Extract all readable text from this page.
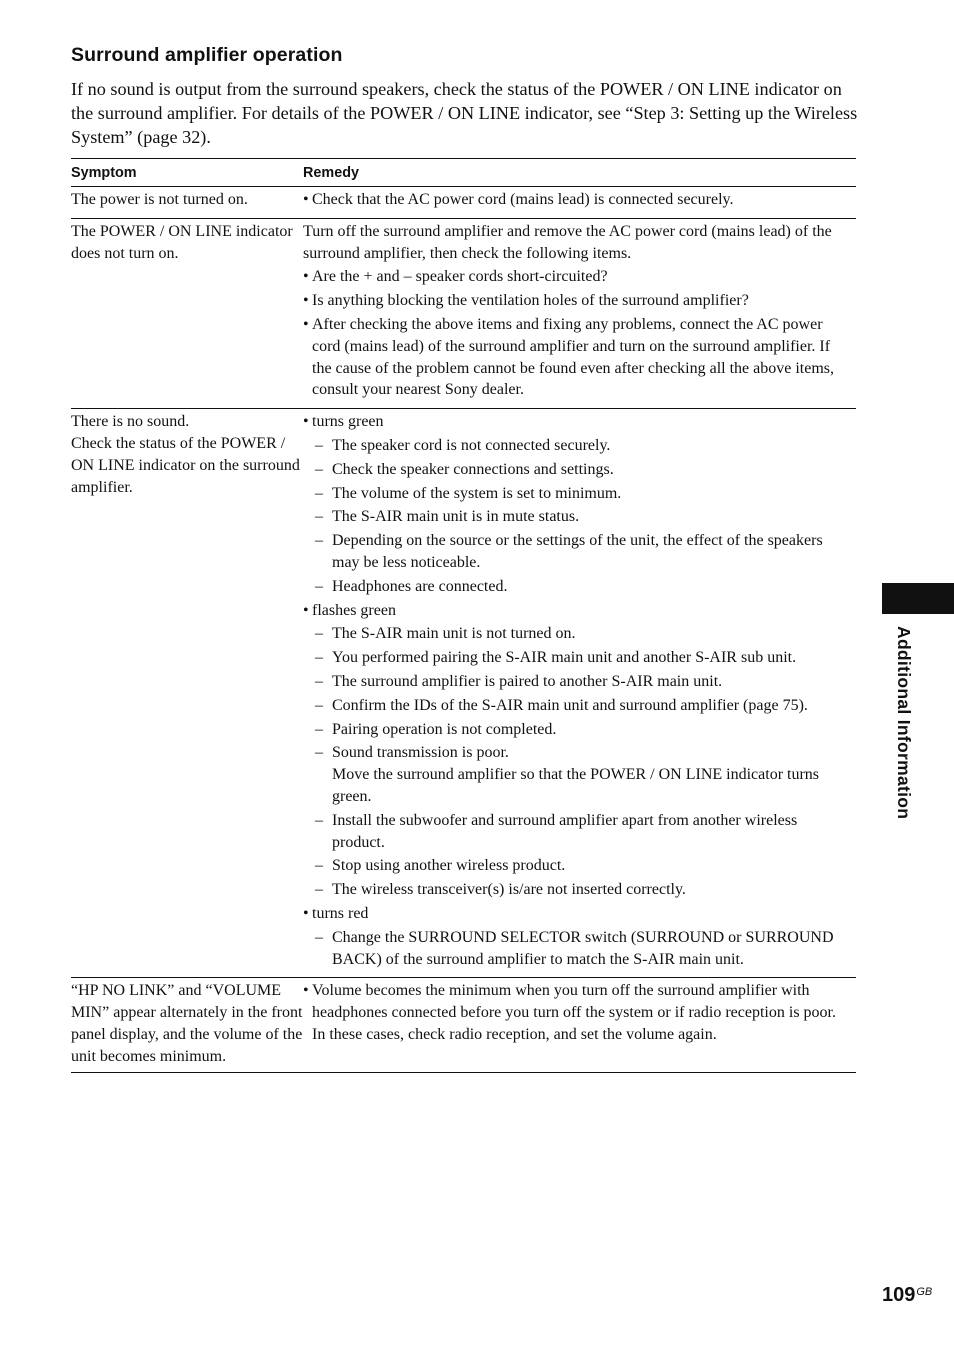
Surround amplifier operation
If no sound is output from the surround speakers, check the status of the POWER / ON LINE indicator on the surround amplifier. For details of the POWER / ON LINE indicator, see “Step 3: Setting up the Wireless System” (page 32).
Symptom	Remedy
The power is not turned on.
•	Check that the AC power cord (mains lead) is connected securely.
The POWER / ON LINE indicator does not turn on.
Turn off the surround amplifier and remove the AC power cord (mains lead) of the surround amplifier, then check the following items.
• Are the + and – speaker cords short-circuited?
• Is anything blocking the ventilation holes of the surround amplifier?
• After checking the above items and fixing any problems, connect the AC power cord (mains lead) of the surround amplifier and turn on the surround amplifier. If the cause of the problem cannot be found even after checking all the above items, consult your nearest Sony dealer.
There is no sound.
Check the status of the POWER / ON LINE indicator on the surround amplifier.
• turns green
– The speaker cord is not connected securely.
– Check the speaker connections and settings.
– The volume of the system is set to minimum.
– The S-AIR main unit is in mute status.
– Depending on the source or the settings of the unit, the effect of the speakers may be less noticeable.
– Headphones are connected.
• flashes green
– The S-AIR main unit is not turned on.
– You performed pairing the S-AIR main unit and another S-AIR sub unit.
– The surround amplifier is paired to another S-AIR main unit.
– Confirm the IDs of the S-AIR main unit and surround amplifier (page 75).
– Pairing operation is not completed.
– Sound transmission is poor.
Move the surround amplifier so that the POWER / ON LINE indicator turns green.
– Install the subwoofer and surround amplifier apart from another wireless product.
– Stop using another wireless product.
– The wireless transceiver(s) is/are not inserted correctly.
• turns red
– Change the SURROUND SELECTOR switch (SURROUND or SURROUND BACK) of the surround amplifier to match the S-AIR main unit.
“HP NO LINK” and “VOLUME MIN” appear alternately in the front panel display, and the volume of the unit becomes minimum.
• Volume becomes the minimum when you turn off the surround amplifier with headphones connected before you turn off the system or if radio reception is poor. In these cases, check radio reception, and set the volume again.
Additional Information
$109^{GB}$
